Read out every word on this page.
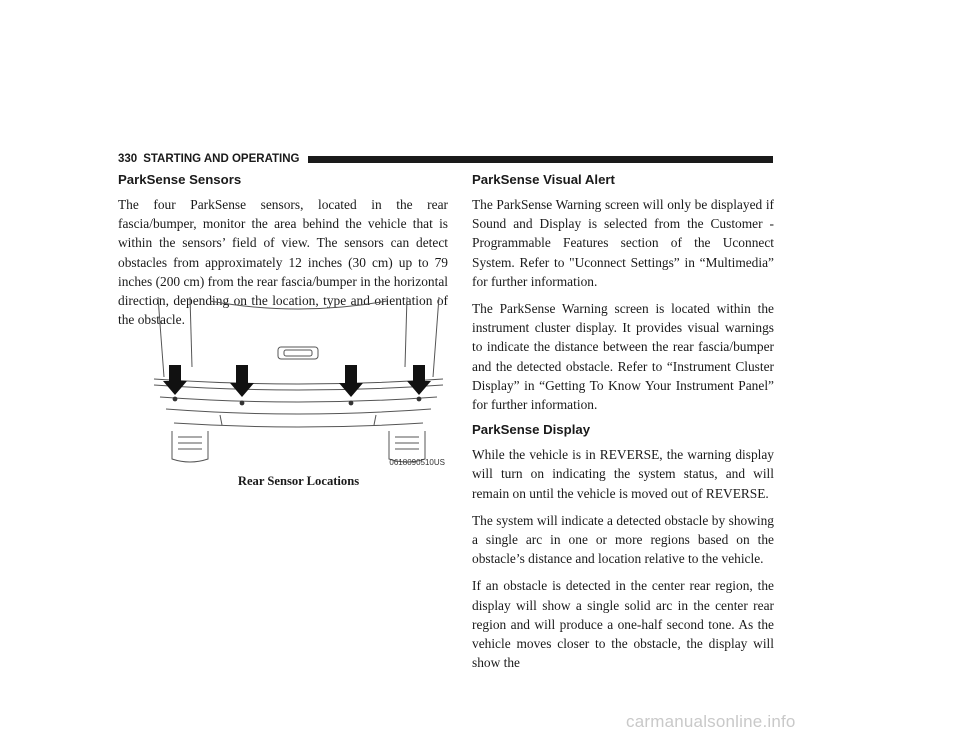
330 STARTING AND OPERATING
ParkSense Sensors

The four ParkSense sensors, located in the rear fascia/bumper, monitor the area behind the vehicle that is within the sensors’ field of view. The sensors can detect obstacles from approximately 12 inches (30 cm) up to 79 inches (200 cm) from the rear fascia/bumper in the horizontal direction, depending on the location, type and orientation of the obstacle.

0618090510US
Rear Sensor Locations
ParkSense Visual Alert

The ParkSense Warning screen will only be displayed if Sound and Display is selected from the Customer - Programmable Features section of the Uconnect System. Refer to "Uconnect Settings” in “Multimedia” for further information.

The ParkSense Warning screen is located within the instrument cluster display. It provides visual warnings to indicate the distance between the rear fascia/bumper and the detected obstacle. Refer to “Instrument Cluster Display” in “Getting To Know Your Instrument Panel” for further information.

ParkSense Display

While the vehicle is in REVERSE, the warning display will turn on indicating the system status, and will remain on until the vehicle is moved out of REVERSE.

The system will indicate a detected obstacle by showing a single arc in one or more regions based on the obstacle’s distance and location relative to the vehicle.

If an obstacle is detected in the center rear region, the display will show a single solid arc in the center rear region and will produce a one-half second tone. As the vehicle moves closer to the obstacle, the display will show the

carmanualsonline.info
